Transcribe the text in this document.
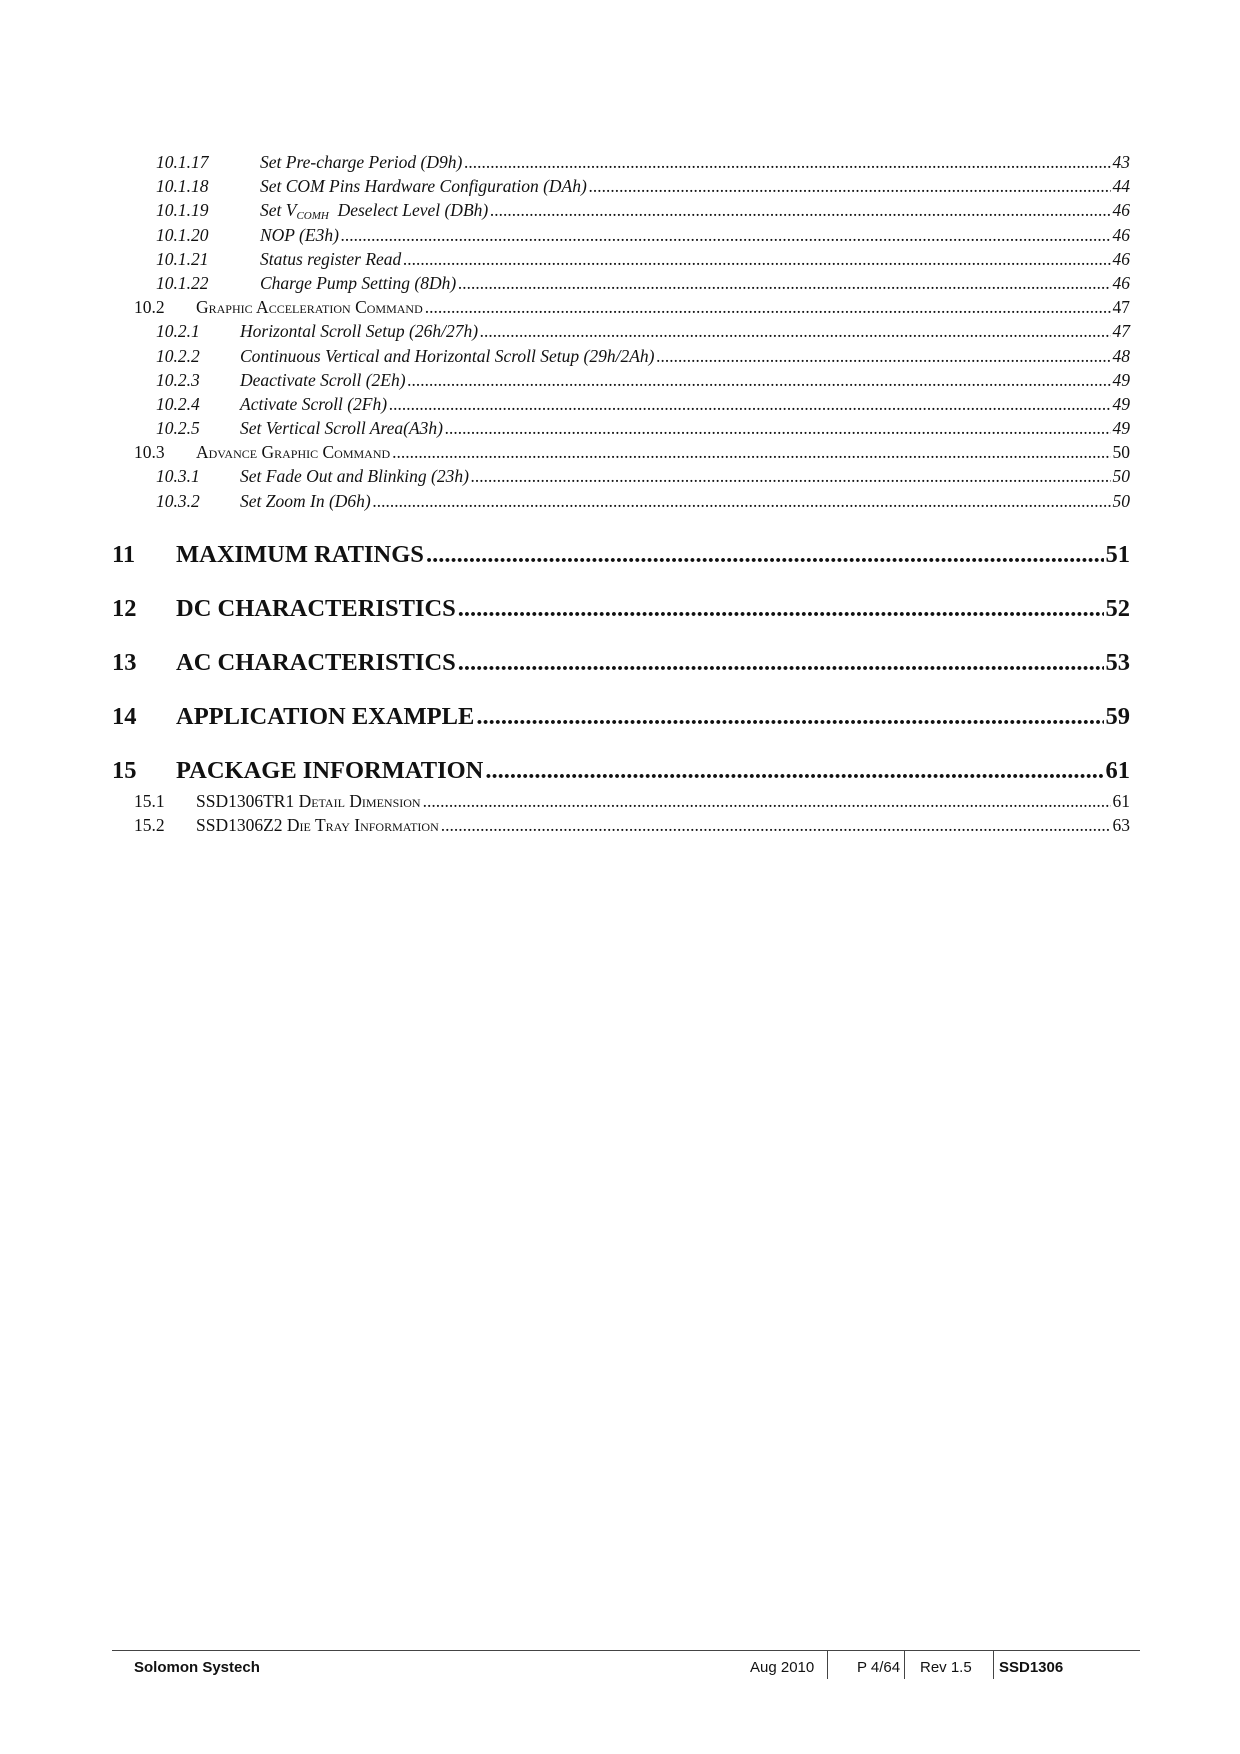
10.1.17	Set Pre-charge Period (D9h) .....	43
10.1.18	Set COM Pins Hardware Configuration (DAh) .....	44
10.1.19	Set $V_{COMH}$  Deselect Level (DBh) .....	46
10.1.20	NOP (E3h) .....	46
10.1.21	Status register Read .....	46
10.1.22	Charge Pump Setting (8Dh) .....	46
10.2	Graphic Acceleration Command .....	47
10.2.1	Horizontal Scroll Setup (26h/27h) .....	47
10.2.2	Continuous Vertical and Horizontal Scroll Setup (29h/2Ah) .....	48
10.2.3	Deactivate Scroll (2Eh) .....	49
10.2.4	Activate Scroll (2Fh) .....	49
10.2.5	Set Vertical Scroll Area(A3h) .....	49
10.3	Advance Graphic Command .....	50
10.3.1	Set Fade Out and Blinking (23h) .....	50
10.3.2	Set Zoom In (D6h) .....	50
11	MAXIMUM RATINGS .....	51
12	DC CHARACTERISTICS .....	52
13	AC CHARACTERISTICS .....	53
14	APPLICATION EXAMPLE .....	59
15	PACKAGE INFORMATION .....	61
15.1	SSD1306TR1 Detail Dimension .....	61
15.2	SSD1306Z2 Die Tray Information .....	63
Solomon Systech	Aug 2010	P 4/64 Rev 1.5 SSD1306
